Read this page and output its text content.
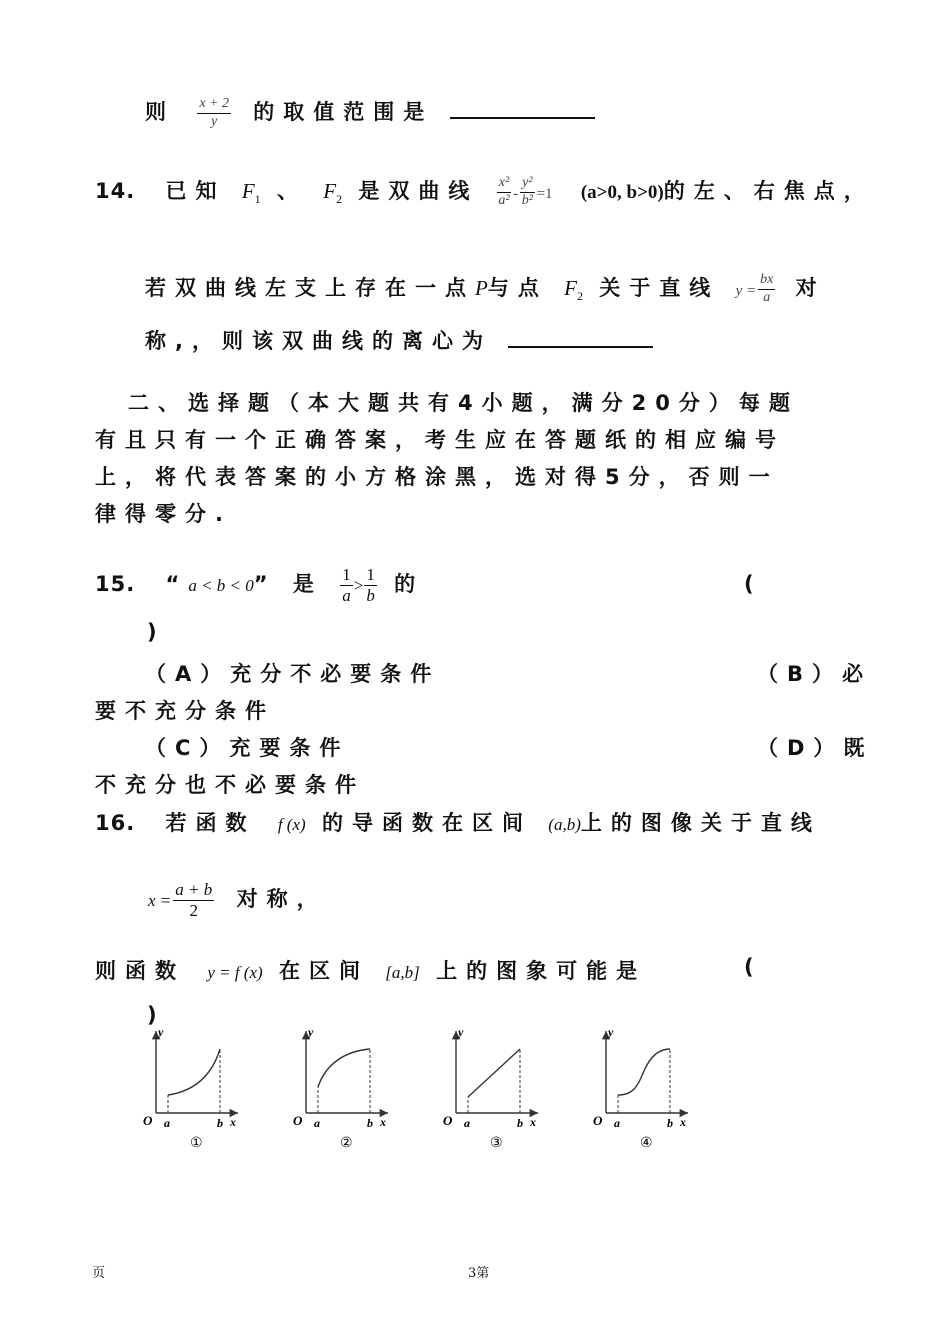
则 $\frac{x + 2}{y}$ 的取值范围是
14. 已知 $F_1$ 、 $F_2$ 是双曲线 $\frac{\text{x²}}{\text{a²}} - \frac{\text{y²}}{\text{b²}} =1$ (a>0, b>0)的左、右焦点，
若双曲线左支上存在一点P与点 $F_2$ 关于直线 $y = \frac{bx}{a}$ 对
称,，则该双曲线的离心为
二、选择题（本大题共有4小题，满分20分）每题
有且只有一个正确答案，考生应在答题纸的相应编号
上，将代表答案的小方格涂黑，选对得5分，否则一
律得零分.
15. “a < b < 0” 是 $\frac{1}{a} > \frac{1}{b}$ 的	(
)
（A）充分不必要条件	（B）必
要不充分条件
（C）充要条件	（D）既
不充分也不必要条件
16. 若函数 f (x) 的导函数在区间 (a,b)上的图像关于直线
$x = \frac{a + b}{2}$ 对称，
则函数 y = f (x) 在区间 [a,b] 上的图象可能是	(
)
O a	b x
y
①
O a	b x
y
②
O a	b x
y
③
O a	b x
y
④
页	3第
